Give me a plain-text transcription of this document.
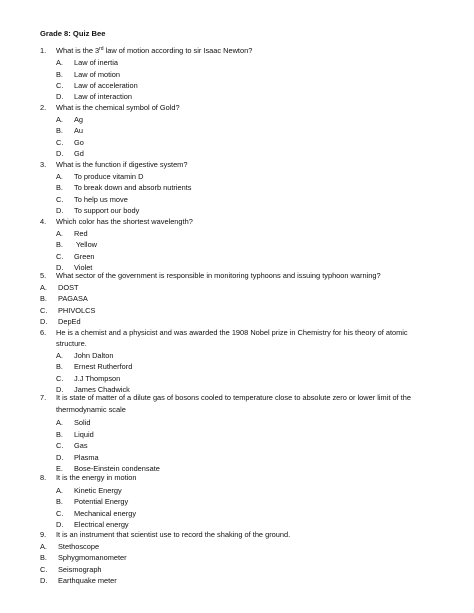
Grade 8: Quiz Bee
1. What is the 3rd law of motion according to sir Isaac Newton?
A. Law of inertia
B. Law of motion
C. Law of acceleration
D. Law of interaction
2. What is the chemical symbol of Gold?
A. Ag
B. Au
C. Go
D. Gd
3. What is the function if digestive system?
A. To produce vitamin D
B. To break down and absorb nutrients
C. To help us move
D. To support our body
4. Which color has the shortest wavelength?
A. Red
B. Yellow
C. Green
D. Violet
5. What sector of the government is responsible in monitoring typhoons and issuing typhoon warning?
A. DOST
B. PAGASA
C. PHIVOLCS
D. DepEd
6. He is a chemist and a physicist and was awarded the 1908 Nobel prize in Chemistry for his theory of atomic
structure.
A. John Dalton
B. Ernest Rutherford
C. J.J Thompson
D. James Chadwick
7. It is state of matter of a dilute gas of bosons cooled to temperature close to absolute zero or lower limit of the
thermodynamic scale
A. Solid
B. Liquid
C. Gas
D. Plasma
E. Bose-Einstein condensate
8. It is the energy in motion
A. Kinetic Energy
B. Potential Energy
C. Mechanical energy
D. Electrical energy
9. It is an instrument that scientist use to record the shaking of the ground.
A. Stethoscope
B. Sphygmomanometer
C. Seismograph
D. Earthquake meter
